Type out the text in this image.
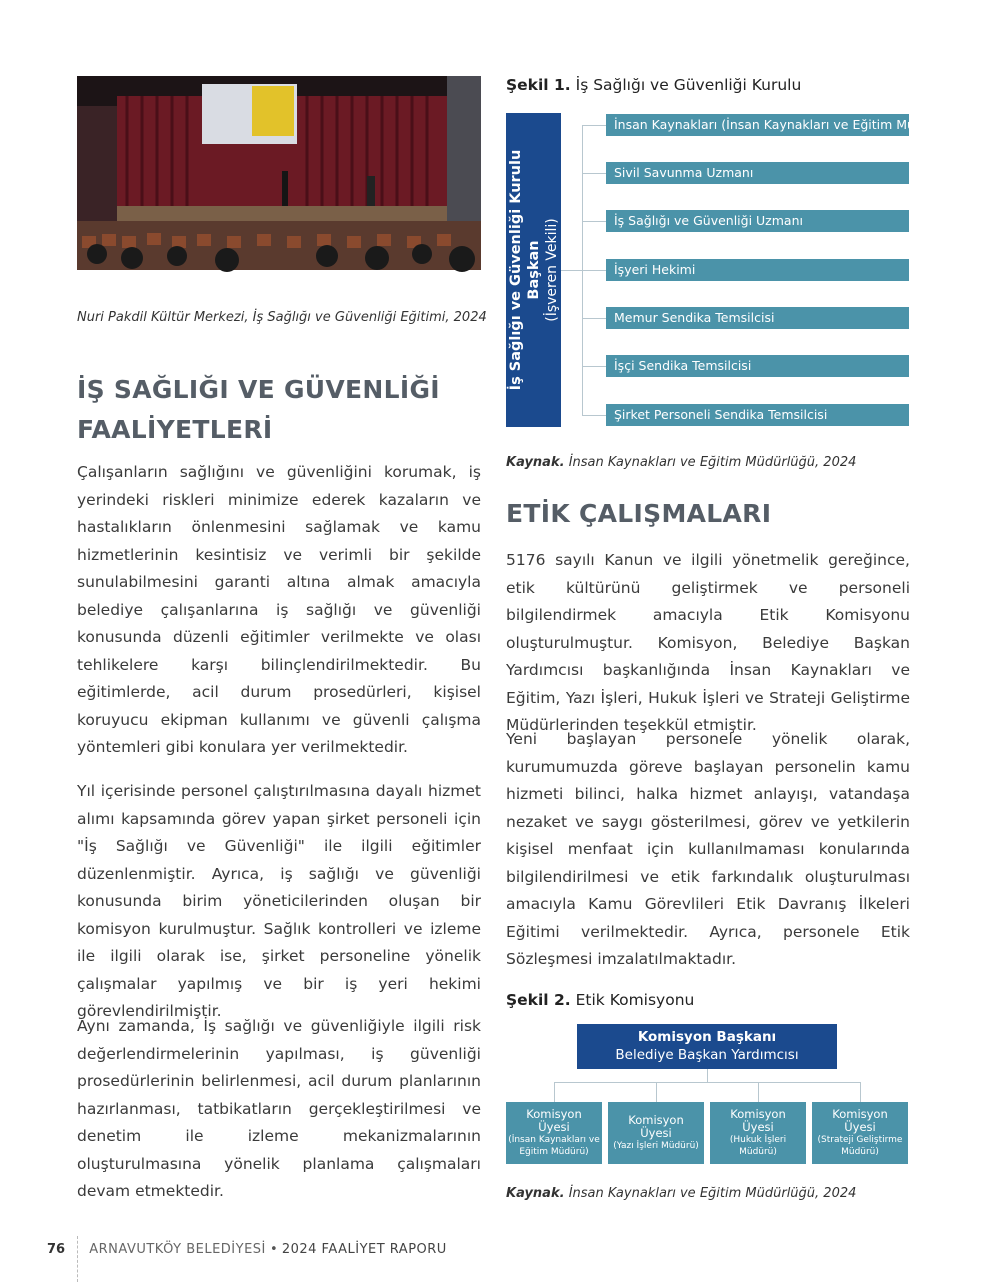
Nuri Pakdil Kültür Merkezi, İş Sağlığı ve Güvenliği Eğitimi, 2024
İŞ SAĞLIĞI VE GÜVENLİĞİ FAALİYETLERİ

Çalışanların sağlığını ve güvenliğini korumak, iş yerindeki riskleri minimize ederek kazaların ve hastalıkların önlenmesini sağlamak ve kamu hizmetlerinin kesintisiz ve verimli bir şekilde sunulabilmesini garanti altına almak amacıyla belediye çalışanlarına iş sağlığı ve güvenliği konusunda düzenli eğitimler verilmekte ve olası tehlikelere karşı bilinçlendirilmektedir. Bu eğitimlerde, acil durum prosedürleri, kişisel koruyucu ekipman kullanımı ve güvenli çalışma yöntemleri gibi konulara yer verilmektedir.

Yıl içerisinde personel çalıştırılmasına dayalı hizmet alımı kapsamında görev yapan şirket personeli için "İş Sağlığı ve Güvenliği" ile ilgili eğitimler düzenlenmiştir. Ayrıca, iş sağlığı ve güvenliği konusunda birim yöneticilerinden oluşan bir komisyon kurulmuştur. Sağlık kontrolleri ve izleme ile ilgili olarak ise, şirket personeline yönelik çalışmalar yapılmış ve bir iş yeri hekimi görevlendirilmiştir.

Aynı zamanda, İş sağlığı ve güvenliğiyle ilgili risk değerlendirmelerinin yapılması, iş güvenliği prosedürlerinin belirlenmesi, acil durum planlarının hazırlanması, tatbikatların gerçekleştirilmesi ve denetim ile izleme mekanizmalarının oluşturulmasına yönelik planlama çalışmaları devam etmektedir.

Şekil 1. İş Sağlığı ve Güvenliği Kurulu
İş Sağlığı ve Güvenliği Kurulu Başkan (İşveren Vekili)
İnsan Kaynakları (İnsan Kaynakları ve Eğitim Müdürü)
Sivil Savunma Uzmanı
İş Sağlığı ve Güvenliği Uzmanı
İşyeri Hekimi
Memur Sendika Temsilcisi
İşçi Sendika Temsilcisi
Şirket Personeli Sendika Temsilcisi
Kaynak. İnsan Kaynakları ve Eğitim Müdürlüğü, 2024
ETİK ÇALIŞMALARI

5176 sayılı Kanun ve ilgili yönetmelik gereğince, etik kültürünü geliştirmek ve personeli bilgilendirmek amacıyla Etik Komisyonu oluşturulmuştur. Komisyon, Belediye Başkan Yardımcısı başkanlığında İnsan Kaynakları ve Eğitim, Yazı İşleri, Hukuk İşleri ve Strateji Geliştirme Müdürlerinden teşekkül etmiştir.

Yeni başlayan personele yönelik olarak, kurumumuzda göreve başlayan personelin kamu hizmeti bilinci, halka hizmet anlayışı, vatandaşa nezaket ve saygı gösterilmesi, görev ve yetkilerin kişisel menfaat için kullanılmaması konularında bilgilendirilmesi ve etik farkındalık oluşturulması amacıyla Kamu Görevlileri Etik Davranış İlkeleri Eğitimi verilmektedir. Ayrıca, personele Etik Sözleşmesi imzalatılmaktadır.

Şekil 2. Etik Komisyonu
Komisyon Başkanı
Belediye Başkan Yardımcısı
Komisyon
Üyesi
(İnsan Kaynakları ve Eğitim Müdürü)
Komisyon
Üyesi
(Yazı İşleri Müdürü)
Komisyon
Üyesi
(Hukuk İşleri Müdürü)
Komisyon
Üyesi
(Strateji Geliştirme Müdürü)
Kaynak. İnsan Kaynakları ve Eğitim Müdürlüğü, 2024
76 ARNAVUTKÖY BELEDİYESİ • 2024 FAALİYET RAPORU
